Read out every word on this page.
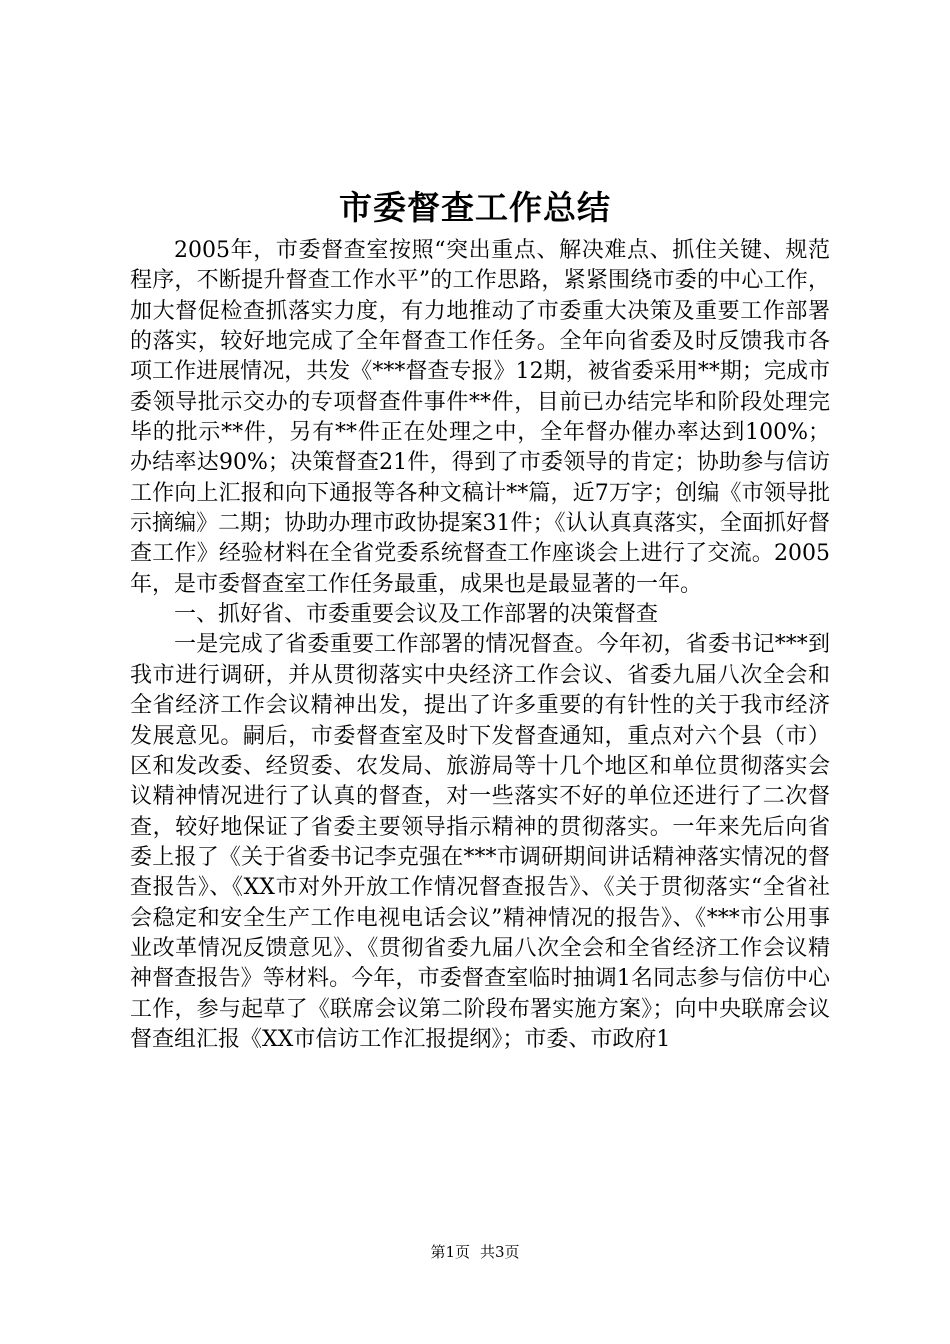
市委督查工作总结

2005年，市委督查室按照“突出重点、解决难点、抓住关键、规范程序，不断提升督查工作水平”的工作思路，紧紧围绕市委的中心工作，加大督促检查抓落实力度，有力地推动了市委重大决策及重要工作部署的落实，较好地完成了全年督查工作任务。全年向省委及时反馈我市各项工作进展情况，共发《***督查专报》12期，被省委采用**期；完成市委领导批示交办的专项督查件事件**件，目前已办结完毕和阶段处理完毕的批示**件，另有**件正在处理之中，全年督办催办率达到100%；办结率达90%；决策督查21件，得到了市委领导的肯定；协助参与信访工作向上汇报和向下通报等各种文稿计**篇，近7万字；创编《市领导批示摘编》二期；协助办理市政协提案31件；《认认真真落实，全面抓好督查工作》经验材料在全省党委系统督查工作座谈会上进行了交流。2005年，是市委督查室工作任务最重，成果也是最显著的一年。

一、抓好省、市委重要会议及工作部署的决策督查

一是完成了省委重要工作部署的情况督查。今年初，省委书记***到我市进行调研，并从贯彻落实中央经济工作会议、省委九届八次全会和全省经济工作会议精神出发，提出了许多重要的有针性的关于我市经济发展意见。嗣后，市委督查室及时下发督查通知，重点对六个县（市）区和发改委、经贸委、农发局、旅游局等十几个地区和单位贯彻落实会议精神情况进行了认真的督查，对一些落实不好的单位还进行了二次督查，较好地保证了省委主要领导指示精神的贯彻落实。一年来先后向省委上报了《关于省委书记李克强在***市调研期间讲话精神落实情况的督查报告》、《XX市对外开放工作情况督查报告》、《关于贯彻落实“全省社会稳定和安全生产工作电视电话会议”精神情况的报告》、《***市公用事业改革情况反馈意见》、《贯彻省委九届八次全会和全省经济工作会议精神督查报告》等材料。今年，市委督查室临时抽调1名同志参与信仿中心工作，参与起草了《联席会议第二阶段布署实施方案》；向中央联席会议督查组汇报《XX市信访工作汇报提纲》；市委、市政府1

第1页 共3页
